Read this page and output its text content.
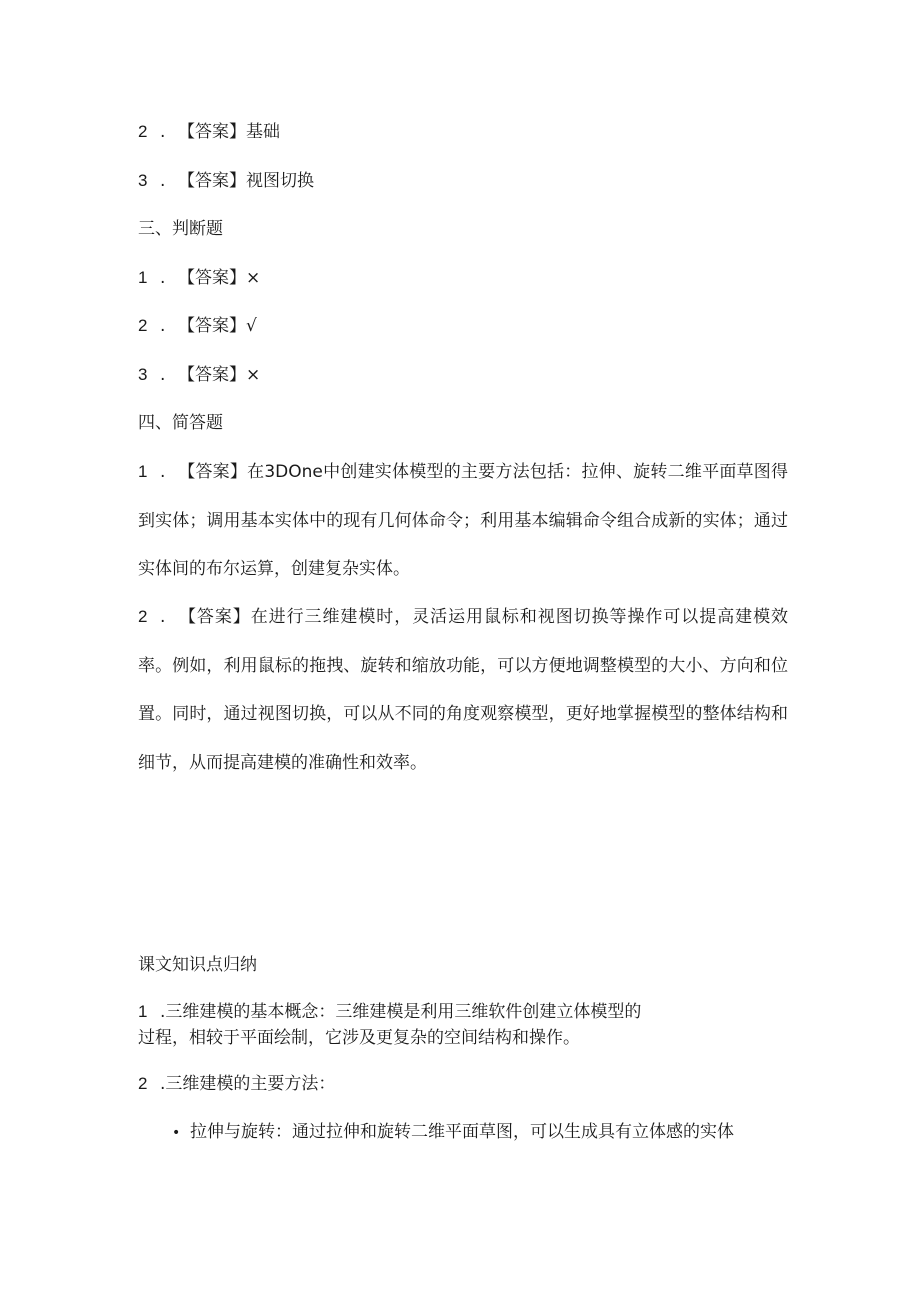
2 . 【答案】基础
3 . 【答案】视图切换
三、判断题
1 . 【答案】×
2 . 【答案】√
3 . 【答案】×
四、简答题
1 . 【答案】在3DOne中创建实体模型的主要方法包括：拉伸、旋转二维平面草图得到实体；调用基本实体中的现有几何体命令；利用基本编辑命令组合成新的实体；通过实体间的布尔运算，创建复杂实体。
2 . 【答案】在进行三维建模时，灵活运用鼠标和视图切换等操作可以提高建模效率。例如，利用鼠标的拖拽、旋转和缩放功能，可以方便地调整模型的大小、方向和位置。同时，通过视图切换，可以从不同的角度观察模型，更好地掌握模型的整体结构和细节，从而提高建模的准确性和效率。
课文知识点归纳
1 .三维建模的基本概念：三维建模是利用三维软件创建立体模型的
过程，相较于平面绘制，它涉及更复杂的空间结构和操作。
2 .三维建模的主要方法：
• 拉伸与旋转：通过拉伸和旋转二维平面草图，可以生成具有立体感的实体
